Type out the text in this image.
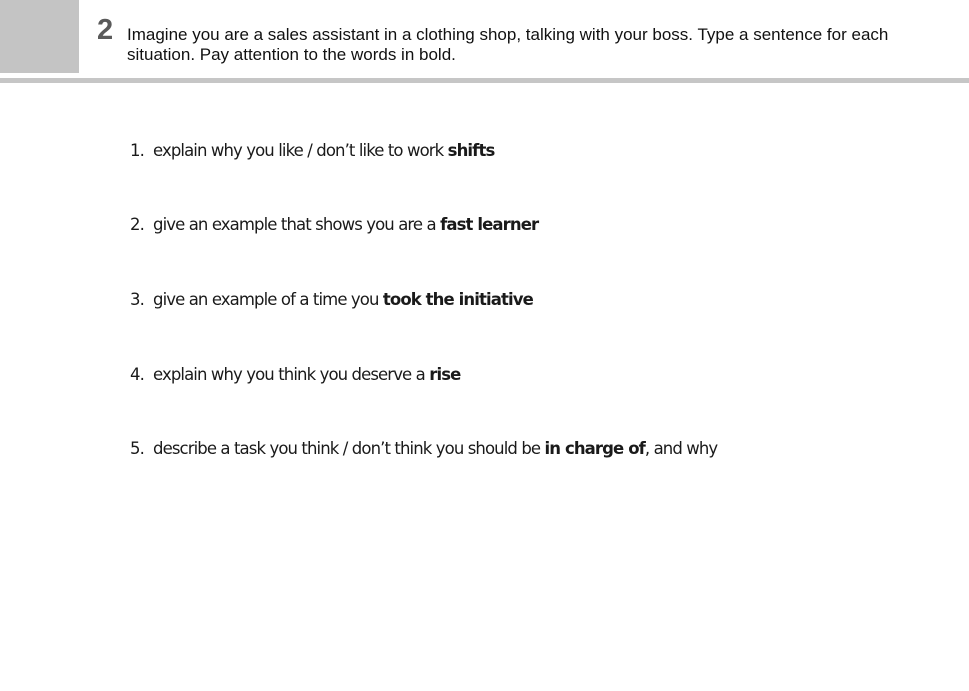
2 Imagine you are a sales assistant in a clothing shop, talking with your boss. Type a sentence for each situation. Pay attention to the words in bold.
1. explain why you like / don’t like to work shifts
2. give an example that shows you are a fast learner
3. give an example of a time you took the initiative
4. explain why you think you deserve a rise
5. describe a task you think / don’t think you should be in charge of, and why
